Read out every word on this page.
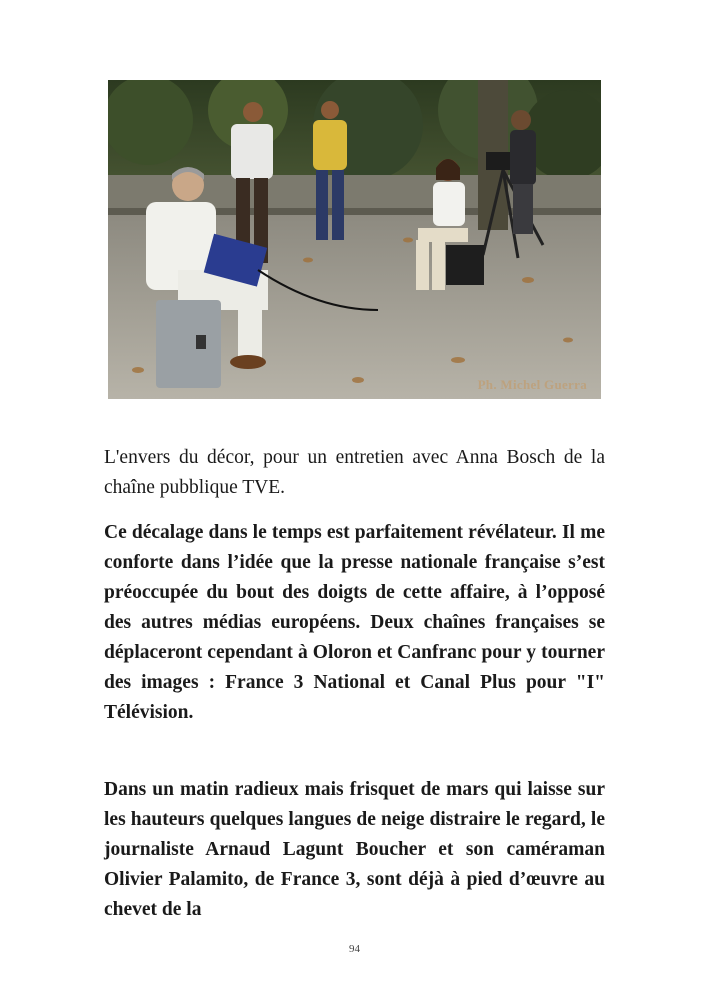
Ph. Michel Guerra

L'envers du décor, pour un entretien avec Anna Bosch de la chaîne pubblique TVE.

Ce décalage dans le temps est parfaitement révélateur. Il me conforte dans l’idée que la presse nationale française s’est préoccupée du bout des doigts de cette affaire, à l’opposé des autres médias européens. Deux chaînes françaises se déplaceront cependant à Oloron et Canfranc pour y tourner des images : France 3 National et Canal Plus pour "I" Télévision.

Dans un matin radieux mais frisquet de mars qui laisse sur les hauteurs quelques langues de neige distraire le regard, le journaliste Arnaud Lagunt Boucher et son caméraman Olivier Palamito, de France 3, sont déjà à pied d’œuvre au chevet de la

94
